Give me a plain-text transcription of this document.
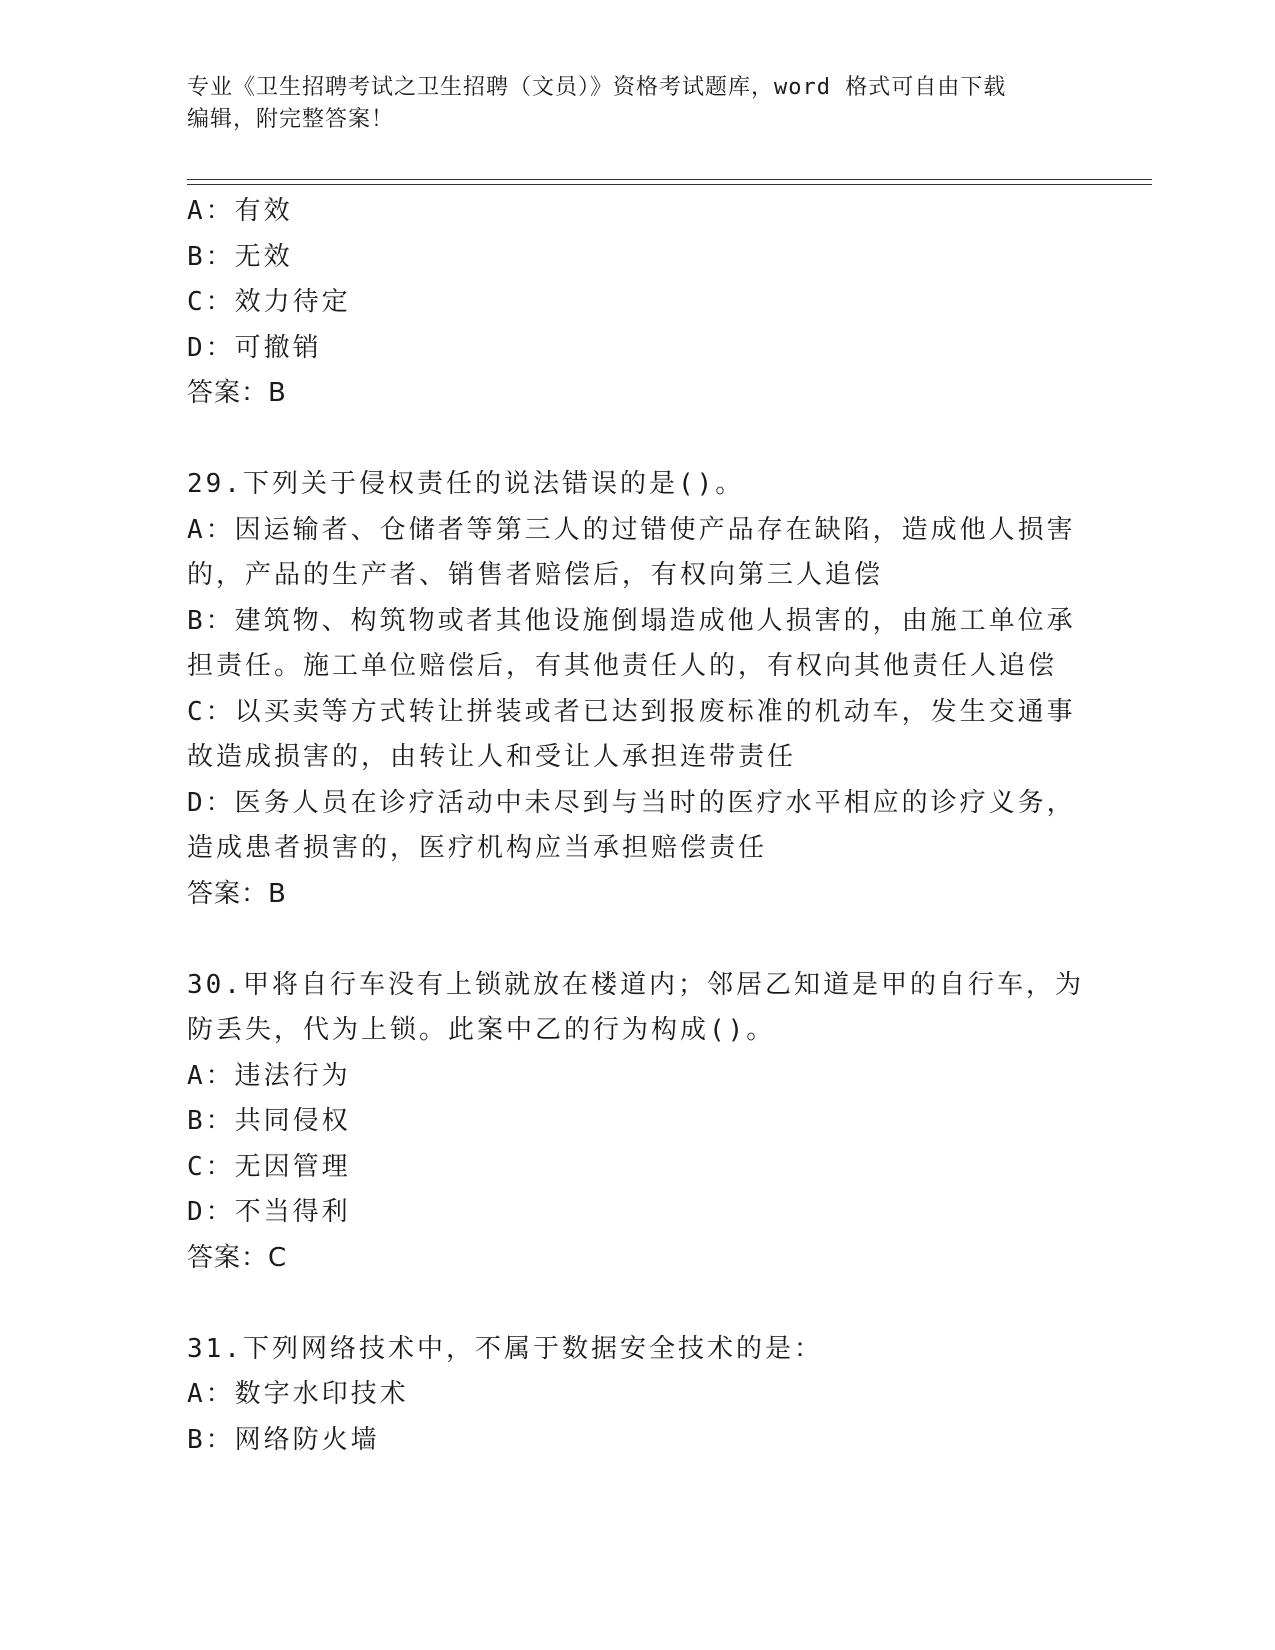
专业《卫生招聘考试之卫生招聘（文员）》资格考试题库，word 格式可自由下载
编辑，附完整答案！
A：有效
B：无效
C：效力待定
D：可撤销
答案：B
29.下列关于侵权责任的说法错误的是()。
A：因运输者、仓储者等第三人的过错使产品存在缺陷，造成他人损害
的，产品的生产者、销售者赔偿后，有权向第三人追偿
B：建筑物、构筑物或者其他设施倒塌造成他人损害的，由施工单位承
担责任。施工单位赔偿后，有其他责任人的，有权向其他责任人追偿
C：以买卖等方式转让拼装或者已达到报废标准的机动车，发生交通事
故造成损害的，由转让人和受让人承担连带责任
D：医务人员在诊疗活动中未尽到与当时的医疗水平相应的诊疗义务，
造成患者损害的，医疗机构应当承担赔偿责任
答案：B
30.甲将自行车没有上锁就放在楼道内；邻居乙知道是甲的自行车，为
防丢失，代为上锁。此案中乙的行为构成()。
A：违法行为
B：共同侵权
C：无因管理
D：不当得利
答案：C
31.下列网络技术中，不属于数据安全技术的是：
A：数字水印技术
B：网络防火墙
